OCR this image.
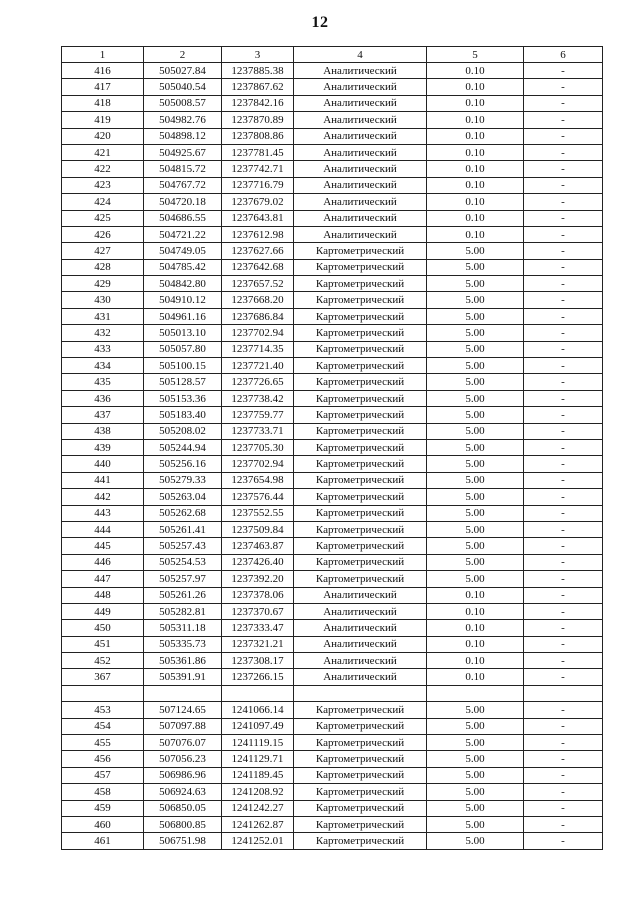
12
1	2	3	4	5	6
416	505027.84	1237885.38	Аналитический	0.10	-
417	505040.54	1237867.62	Аналитический	0.10	-
418	505008.57	1237842.16	Аналитический	0.10	-
419	504982.76	1237870.89	Аналитический	0.10	-
420	504898.12	1237808.86	Аналитический	0.10	-
421	504925.67	1237781.45	Аналитический	0.10	-
422	504815.72	1237742.71	Аналитический	0.10	-
423	504767.72	1237716.79	Аналитический	0.10	-
424	504720.18	1237679.02	Аналитический	0.10	-
425	504686.55	1237643.81	Аналитический	0.10	-
426	504721.22	1237612.98	Аналитический	0.10	-
427	504749.05	1237627.66	Картометрический	5.00	-
428	504785.42	1237642.68	Картометрический	5.00	-
429	504842.80	1237657.52	Картометрический	5.00	-
430	504910.12	1237668.20	Картометрический	5.00	-
431	504961.16	1237686.84	Картометрический	5.00	-
432	505013.10	1237702.94	Картометрический	5.00	-
433	505057.80	1237714.35	Картометрический	5.00	-
434	505100.15	1237721.40	Картометрический	5.00	-
435	505128.57	1237726.65	Картометрический	5.00	-
436	505153.36	1237738.42	Картометрический	5.00	-
437	505183.40	1237759.77	Картометрический	5.00	-
438	505208.02	1237733.71	Картометрический	5.00	-
439	505244.94	1237705.30	Картометрический	5.00	-
440	505256.16	1237702.94	Картометрический	5.00	-
441	505279.33	1237654.98	Картометрический	5.00	-
442	505263.04	1237576.44	Картометрический	5.00	-
443	505262.68	1237552.55	Картометрический	5.00	-
444	505261.41	1237509.84	Картометрический	5.00	-
445	505257.43	1237463.87	Картометрический	5.00	-
446	505254.53	1237426.40	Картометрический	5.00	-
447	505257.97	1237392.20	Картометрический	5.00	-
448	505261.26	1237378.06	Аналитический	0.10	-
449	505282.81	1237370.67	Аналитический	0.10	-
450	505311.18	1237333.47	Аналитический	0.10	-
451	505335.73	1237321.21	Аналитический	0.10	-
452	505361.86	1237308.17	Аналитический	0.10	-
367	505391.91	1237266.15	Аналитический	0.10	-

453	507124.65	1241066.14	Картометрический	5.00	-
454	507097.88	1241097.49	Картометрический	5.00	-
455	507076.07	1241119.15	Картометрический	5.00	-
456	507056.23	1241129.71	Картометрический	5.00	-
457	506986.96	1241189.45	Картометрический	5.00	-
458	506924.63	1241208.92	Картометрический	5.00	-
459	506850.05	1241242.27	Картометрический	5.00	-
460	506800.85	1241262.87	Картометрический	5.00	-
461	506751.98	1241252.01	Картометрический	5.00	-
